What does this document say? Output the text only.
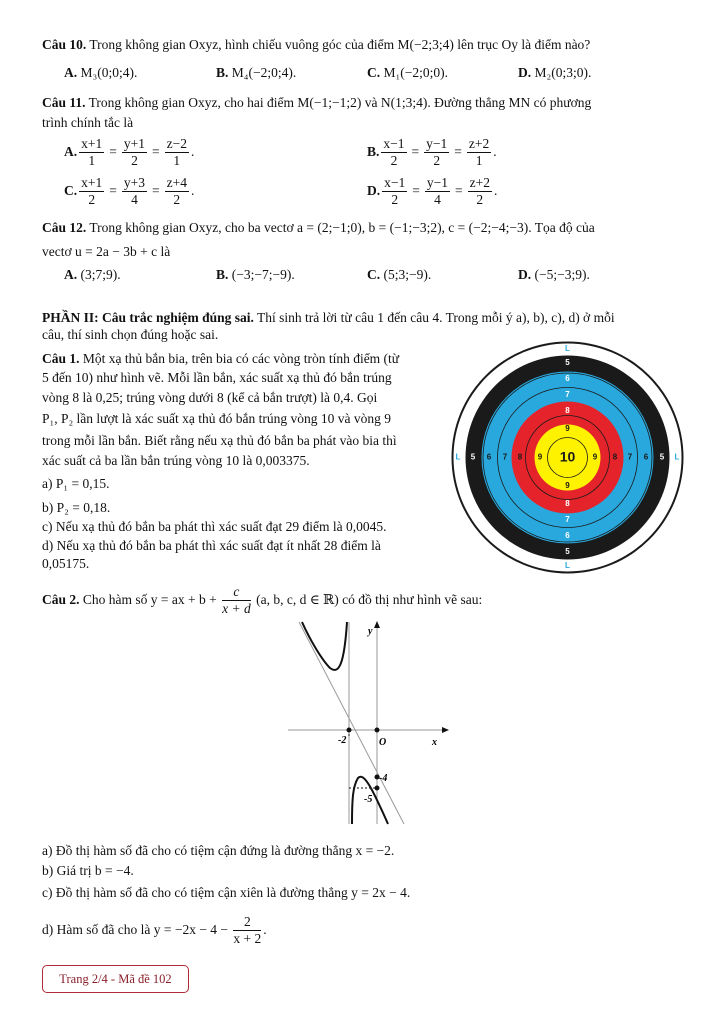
Câu 10. Trong không gian Oxyz, hình chiếu vuông góc của điểm M(−2;3;4) lên trục Oy là điểm nào?
A. M₃(0;0;4).	B. M₄(−2;0;4).	C. M₁(−2;0;0).	D. M₂(0;3;0).
Câu 11. Trong không gian Oxyz, cho hai điểm M(−1;−1;2) và N(1;3;4). Đường thẳng MN có phương
trình chính tắc là
A. $\frac{x+1}{1} = \frac{y+1}{2} = \frac{z-2}{1}$ .	B. $\frac{x-1}{2} = \frac{y-1}{2} = \frac{z+2}{1}$ .
C. $\frac{x+1}{2} = \frac{y+3}{4} = \frac{z+4}{2}$ .	D. $\frac{x-1}{2} = \frac{y-1}{4} = \frac{z+2}{2}$ .
Câu 12. Trong không gian Oxyz, cho ba vectơ a = (2;−1;0), b = (−1;−3;2), c = (−2;−4;−3). Tọa độ của
vectơ u = 2a − 3b + c là
A. (3;7;9).	B. (−3;−7;−9).	C. (5;3;−9).	D. (−5;−3;9).
PHẦN II: Câu trắc nghiệm đúng sai. Thí sinh trả lời từ câu 1 đến câu 4. Trong mỗi ý a), b), c), d) ở mỗi
câu, thí sinh chọn đúng hoặc sai.
Câu 1. Một xạ thủ bắn bia, trên bia có các vòng tròn tính điểm (từ
5 đến 10) như hình vẽ. Mỗi lần bắn, xác suất xạ thủ đó bắn trúng
vòng 8 là 0,25; trúng vòng dưới 8 (kể cả bắn trượt) là 0,4. Gọi
P₁, P₂ lần lượt là xác suất xạ thủ đó bắn trúng vòng 10 và vòng 9
trong mỗi lần bắn. Biết rằng nếu xạ thủ đó bắn ba phát vào bia thì
xác suất cả ba lần bắn trúng vòng 10 là 0,003375.
a) P₁ = 0,15.
b) P₂ = 0,18.
c) Nếu xạ thủ đó bắn ba phát thì xác suất đạt 29 điểm là 0,0045.
d) Nếu xạ thủ đó bắn ba phát thì xác suất đạt ít nhất 28 điểm là
0,05175.
L
L
L	L
5
5
5	5
6
6
6	6
7
7
7	7
8
8
8	8
9
9
9	9
10
Câu 2. Cho hàm số y = ax + $b + \frac{c}{x + d} (a$, b, c, d ∈ ℝ) có đồ thị như hình vẽ sau:
y
x
O
-2
-4
-5
a) Đồ thị hàm số đã cho có tiệm cận đứng là đường thẳng x = −2.
b) Giá trị b = −4.
c) Đồ thị hàm số đã cho có tiệm cận xiên là đường thẳng y = 2x − 4.
d) Hàm số đã cho là $y = -2x - 4 - \frac{2}{x + 2}$ .
Trang 2/4 - Mã đề 102
